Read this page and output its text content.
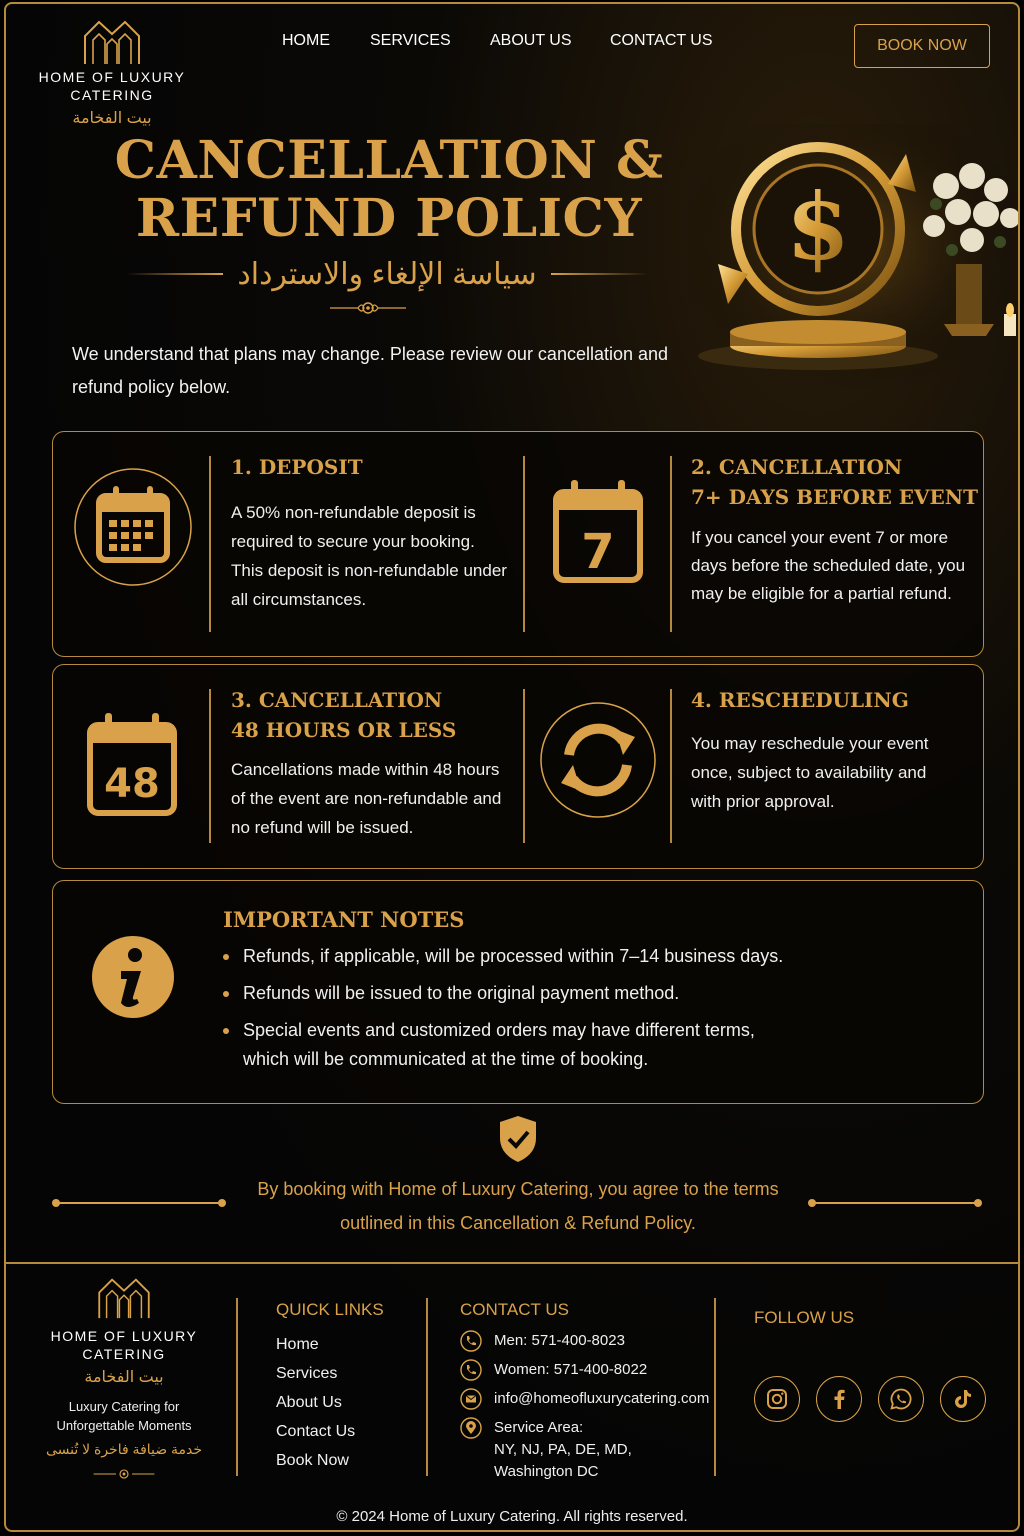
HOME OF LUXURY
CATERING
بيت الفخامة
HOME	SERVICES	ABOUT US	CONTACT US	BOOK NOW
CANCELLATION &
REFUND POLICY
سياسة الإلغاء والاسترداد

We understand that plans may change. Please review our cancellation and refund policy below.

$
1. DEPOSIT
A 50% non-refundable deposit is required to secure your booking. This deposit is non-refundable under all circumstances.
7
2. CANCELLATION
7+ DAYS BEFORE EVENT
If you cancel your event 7 or more days before the scheduled date, you may be eligible for a partial refund.
48
3. CANCELLATION
48 HOURS OR LESS
Cancellations made within 48 hours of the event are non-refundable and no refund will be issued.
4. RESCHEDULING
You may reschedule your event once, subject to availability and with prior approval.
IMPORTANT NOTES
Refunds, if applicable, will be processed within 7–14 business days.
Refunds will be issued to the original payment method.
Special events and customized orders may have different terms, which will be communicated at the time of booking.
By booking with Home of Luxury Catering, you agree to the terms outlined in this Cancellation & Refund Policy.
HOME OF LUXURY
CATERING
بيت الفخامة
Luxury Catering for Unforgettable Moments
خدمة ضيافة فاخرة لا تُنسى
QUICK LINKS
Home
Services
About Us
Contact Us
Book Now
CONTACT US
Men: 571-400-8023
Women: 571-400-8022
info@homeofluxurycatering.com
Service Area:
NY, NJ, PA, DE, MD,
Washington DC
FOLLOW US
© 2024 Home of Luxury Catering. All rights reserved.
